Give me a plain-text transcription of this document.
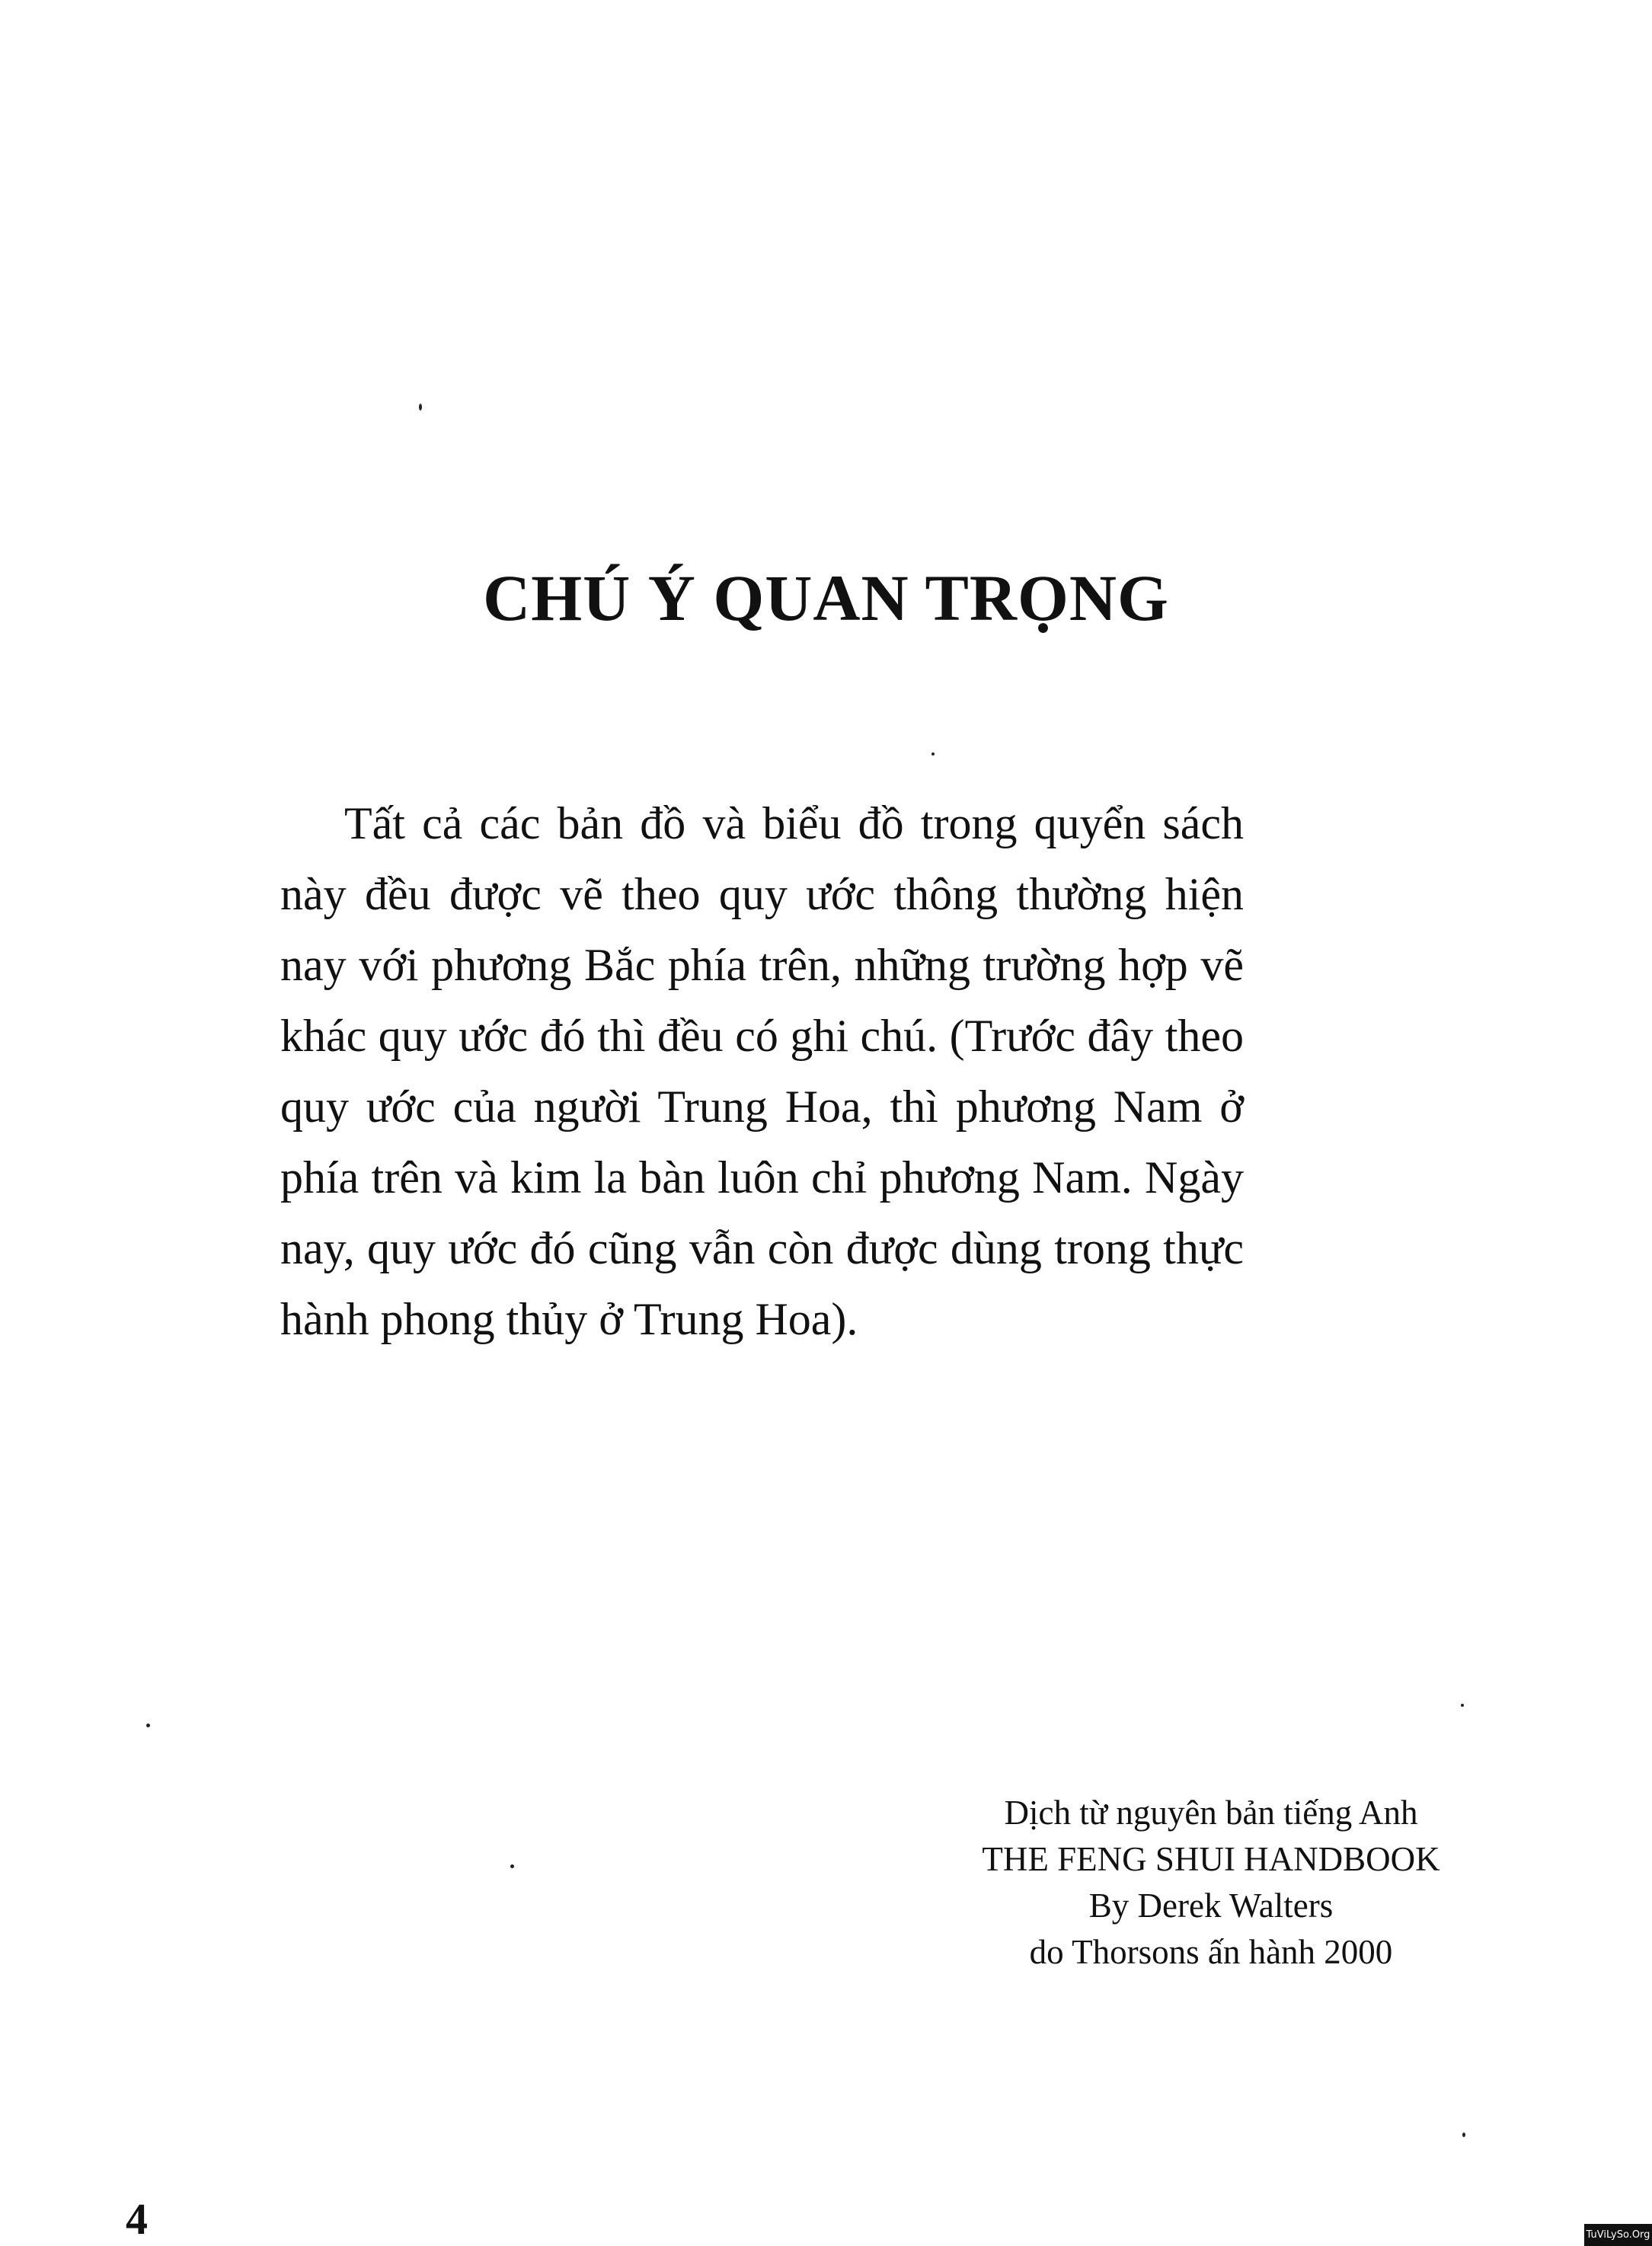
CHÚ Ý QUAN TRỌNG

Tất cả các bản đồ và biểu đồ trong quyển sách này đều được vẽ theo quy ước thông thường hiện nay với phương Bắc phía trên, những trường hợp vẽ khác quy ước đó thì đều có ghi chú. (Trước đây theo quy ước của người Trung Hoa, thì phương Nam ở phía trên và kim la bàn luôn chỉ phương Nam. Ngày nay, quy ước đó cũng vẫn còn được dùng trong thực hành phong thủy ở Trung Hoa).

Dịch từ nguyên bản tiếng Anh
THE FENG SHUI HANDBOOK
By Derek Walters
do Thorsons ấn hành 2000
4	TuViLySo.Org
